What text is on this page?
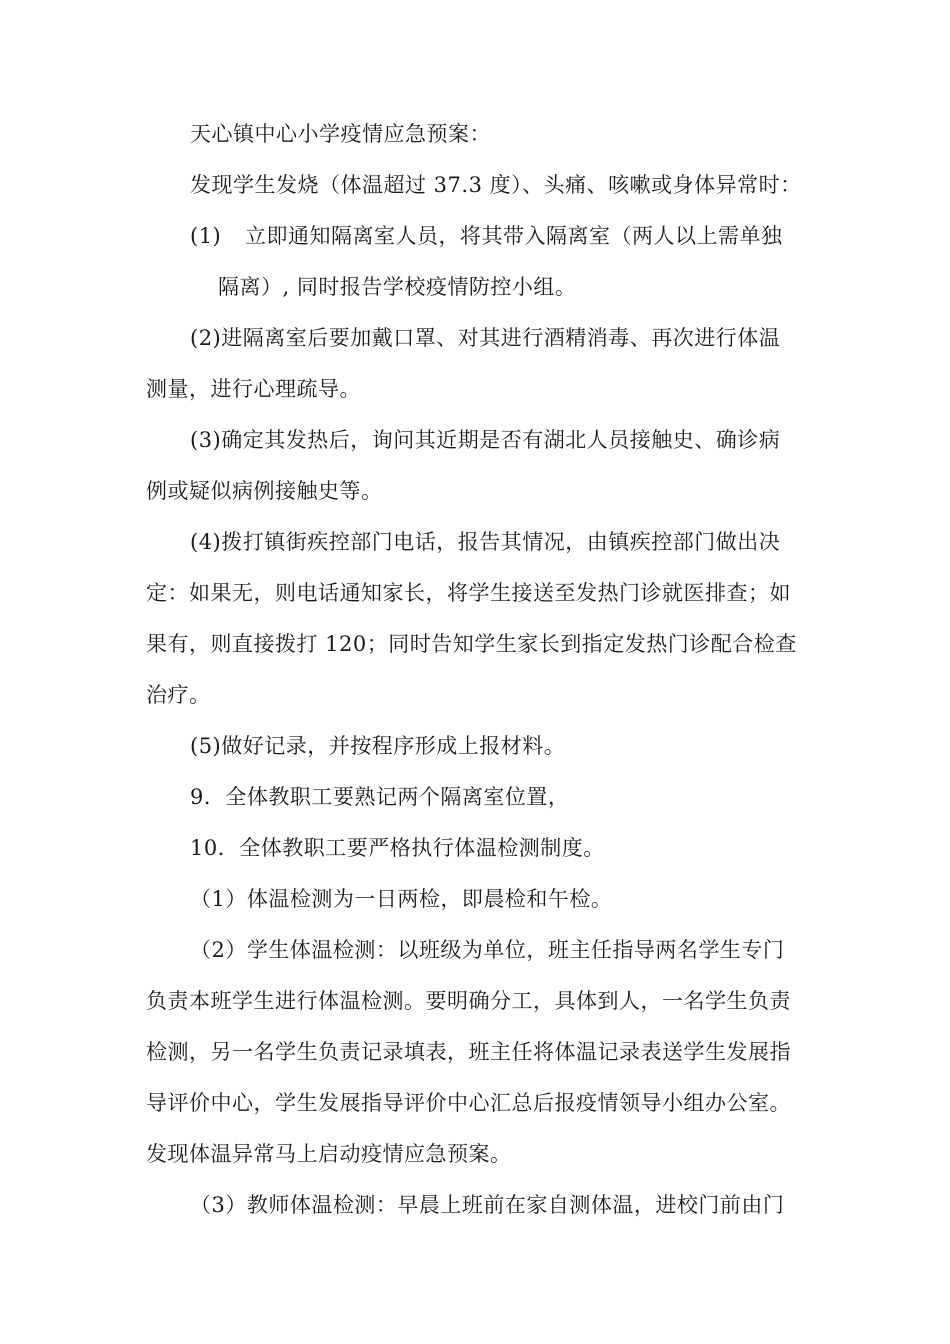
天心镇中心小学疫情应急预案：
发现学生发烧（体温超过 37.3 度）、头痛、咳嗽或身体异常时：
(1) 立即通知隔离室人员，将其带入隔离室（两人以上需单独
隔离）, 同时报告学校疫情防控小组。
(2)进隔离室后要加戴口罩、对其进行酒精消毒、再次进行体温
测量，进行心理疏导。
(3)确定其发热后，询问其近期是否有湖北人员接触史、确诊病
例或疑似病例接触史等。
(4)拨打镇街疾控部门电话，报告其情况，由镇疾控部门做出决
定：如果无，则电话通知家长，将学生接送至发热门诊就医排查；如
果有，则直接拨打 120；同时告知学生家长到指定发热门诊配合检查
治疗。
(5)做好记录，并按程序形成上报材料。
9．全体教职工要熟记两个隔离室位置，
10．全体教职工要严格执行体温检测制度。
（1）体温检测为一日两检，即晨检和午检。
（2）学生体温检测：以班级为单位，班主任指导两名学生专门
负责本班学生进行体温检测。要明确分工，具体到人，一名学生负责
检测，另一名学生负责记录填表，班主任将体温记录表送学生发展指
导评价中心，学生发展指导评价中心汇总后报疫情领导小组办公室。
发现体温异常马上启动疫情应急预案。
（3）教师体温检测：早晨上班前在家自测体温，进校门前由门
